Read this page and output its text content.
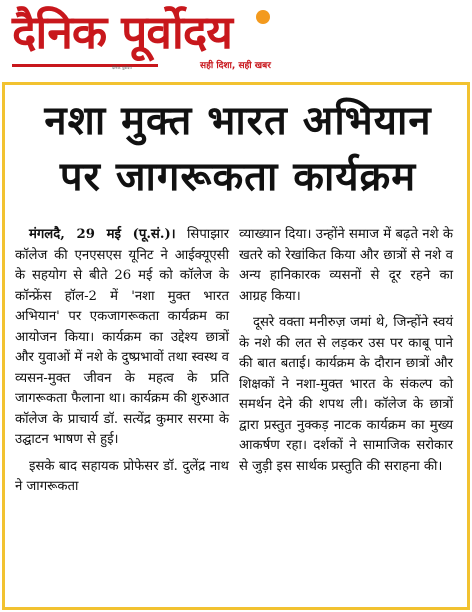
दैनिक पूर्वोदय
दैनिक पूर्वोदय	सही दिशा, सही खबर
नशा मुक्त भारत अभियान
पर जागरूकता कार्यक्रम

मंगलदै, 29 मई (पू.सं.)। सिपाझार कॉलेज की एनएसएस यूनिट ने आईक्यूएसी के सहयोग से बीते 26 मई को कॉलेज के कॉन्फ्रेंस हॉल-2 में 'नशा मुक्त भारत अभियान' पर एकजागरूकता कार्यक्रम का आयोजन किया। कार्यक्रम का उद्देश्य छात्रों और युवाओं में नशे के दुष्प्रभावों तथा स्वस्थ व व्यसन-मुक्त जीवन के महत्व के प्रति जागरूकता फैलाना था। कार्यक्रम की शुरुआत कॉलेज के प्राचार्य डॉ. सत्येंद्र कुमार सरमा के उद्घाटन भाषण से हुई।

इसके बाद सहायक प्रोफेसर डॉ. दुलेंद्र नाथ ने जागरूकता

व्याख्यान दिया। उन्होंने समाज में बढ़ते नशे के खतरे को रेखांकित किया और छात्रों से नशे व अन्य हानिकारक व्यसनों से दूर रहने का आग्रह किया।

दूसरे वक्ता मनीरुज़ जमां थे, जिन्होंने स्वयं के नशे की लत से लड़कर उस पर काबू पाने की बात बताई। कार्यक्रम के दौरान छात्रों और शिक्षकों ने नशा-मुक्त भारत के संकल्प को समर्थन देने की शपथ ली। कॉलेज के छात्रों द्वारा प्रस्तुत नुक्कड़ नाटक कार्यक्रम का मुख्य आकर्षण रहा। दर्शकों ने सामाजिक सरोकार से जुड़ी इस सार्थक प्रस्तुति की सराहना की।
